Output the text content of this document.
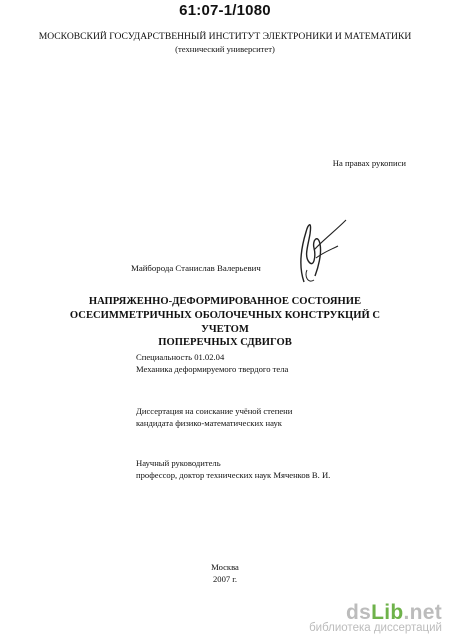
61:07-1/1080
МОСКОВСКИЙ ГОСУДАРСТВЕННЫЙ ИНСТИТУТ ЭЛЕКТРОНИКИ И МАТЕМАТИКИ
(технический университет)
На правах рукописи
Майборода Станислав Валерьевич
НАПРЯЖЕННО-ДЕФОРМИРОВАННОЕ СОСТОЯНИЕ
ОСЕСИММЕТРИЧНЫХ ОБОЛОЧЕЧНЫХ КОНСТРУКЦИЙ С УЧЕТОМ
ПОПЕРЕЧНЫХ СДВИГОВ
Специальность 01.02.04
Механика деформируемого твердого тела
Диссертация на соискание учёной степени
кандидата физико-математических наук
Научный руководитель
профессор, доктор технических наук Мяченков В. И.
Москва
2007 г.
dsLib.net
библиотека диссертаций
